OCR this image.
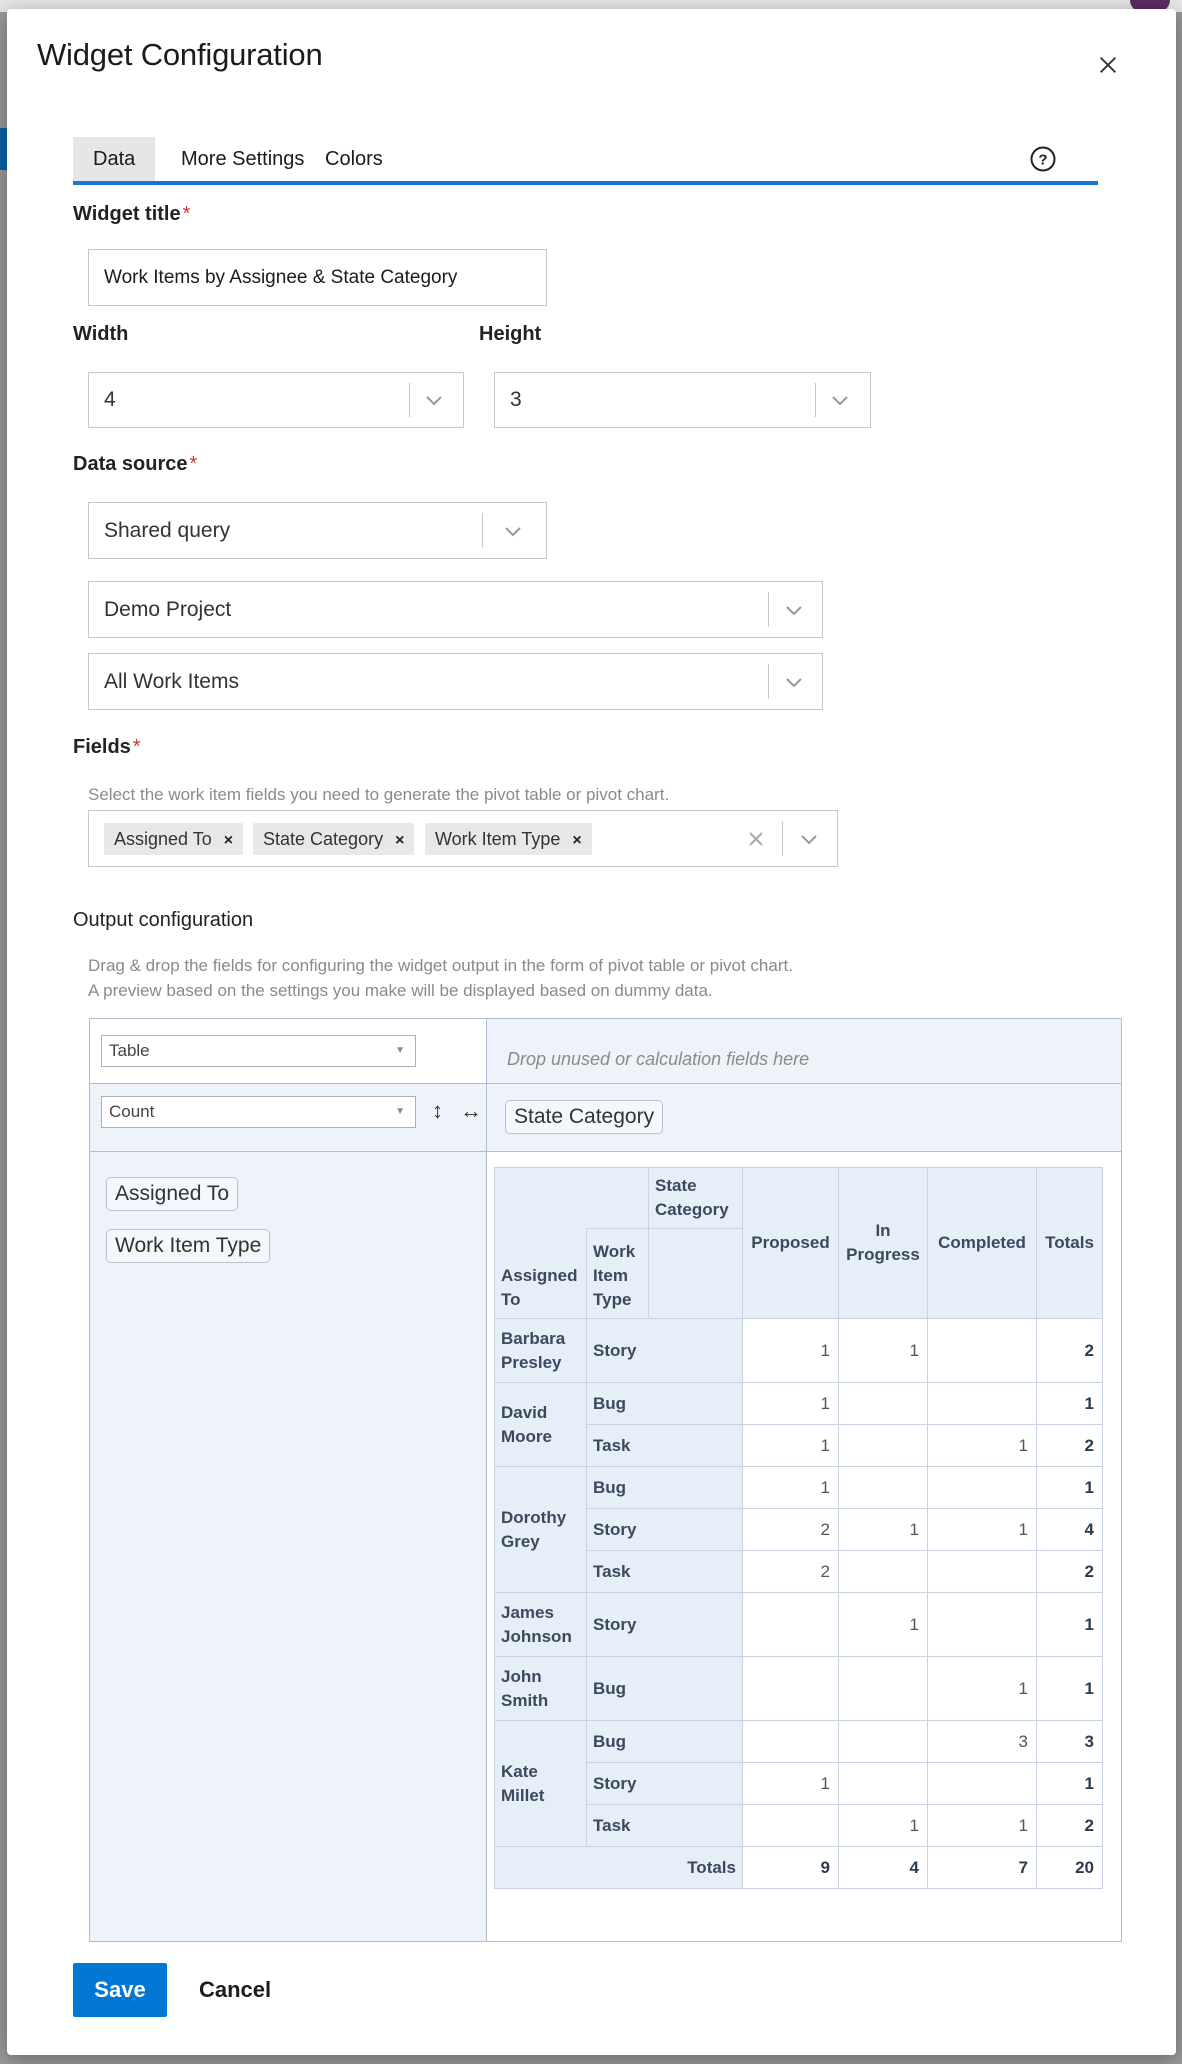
Widget Configuration
Data	More Settings	Colors	?
Widget title *
Work Items by Assignee & State Category
Width	Height
4	3
Data source *
Shared query
Demo Project
All Work Items
Fields *
Select the work item fields you need to generate the pivot table or pivot chart.
Assigned To ×	State Category ×	Work Item Type ×
Output configuration
Drag & drop the fields for configuring the widget output in the form of pivot table or pivot chart.
A preview based on the settings you make will be displayed based on dummy data.
Table	▼	Drop unused or calculation fields here
Count	▼ ↕ ↔	State Category
Assigned To
Work Item Type
		State Category	Proposed	In Progress	Completed	Totals
Assigned To	Work Item Type					
Barbara Presley	Story		1	1		2
David Moore	Bug		1			1
	Task		1		1	2
Dorothy Grey	Bug		1			1
	Story		2	1	1	4
	Task		2			2
James Johnson	Story			1		1
John Smith	Bug				1	1
Kate Millet	Bug				3	3
	Story		1			1
	Task			1	1	2
Totals			9	4	7	20
Save	Cancel
